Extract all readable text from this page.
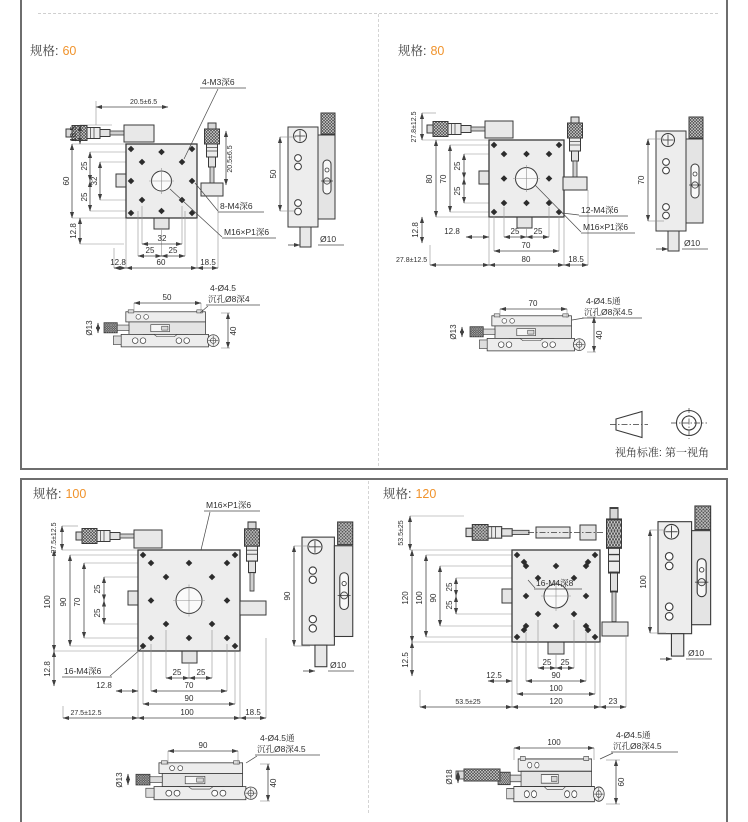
规格: 60
20.5±6.5
18.5
60
25
32
25
12.8
20.5±6.5
32
25 25
12.8	60	18.5
4-M3深6
8-M4深6
M16×P1深6
50
Ø10
50
4-Ø4.5
沉孔Ø8深4
Ø13	40
规格: 80
27.8±12.5
80 70
25
25
12.8	12.8	25 25
70
80	18.5
27.8±12.5
12-M4深6
M16×P1深6
70
Ø10
70	4-Ø4.5通
沉孔Ø8深4.5
Ø13	40
规格: 100
M16×P1深6
27.5±12.5
100 90 70
25
25
12.8 16-M4深6	25 25
12.8	70
90
100	18.5
27.5±12.5
90
Ø10
90
4-Ø4.5通
沉孔Ø8深4.5
Ø13	40
规格: 120
53.5±25
120 100 90
25
25
12.5
16-M4深8
25 25
12.5	90
100
120	23
53.5±25
100
Ø10
100
4-Ø4.5通
沉孔Ø8深4.5
Ø18	60
视角标准: 第一视角
